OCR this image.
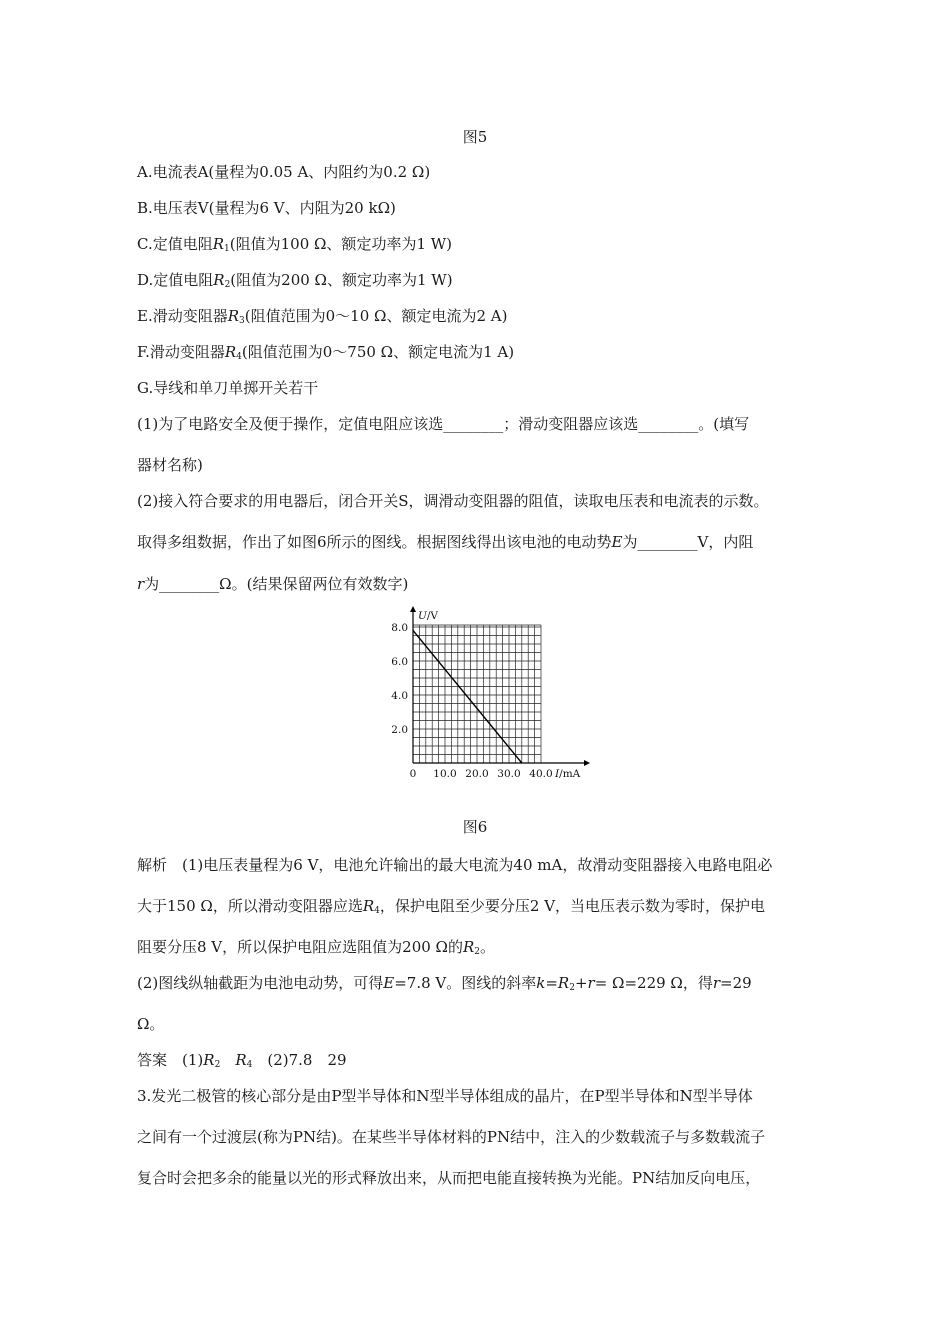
图5
A.电流表A(量程为0.05 A、内阻约为0.2 Ω)
B.电压表V(量程为6 V、内阻为20 kΩ)
C.定值电阻$R_1$(阻值为100 Ω、额定功率为1 W)
D.定值电阻$R_2$(阻值为200 Ω、额定功率为1 W)
E.滑动变阻器$R_3$(阻值范围为0～10 Ω、额定电流为2 A)
F.滑动变阻器$R_4$(阻值范围为0～750 Ω、额定电流为1 A)
G.导线和单刀单掷开关若干
(1)为了电路安全及便于操作，定值电阻应该选________；滑动变阻器应该选________。(填写
器材名称)
(2)接入符合要求的用电器后，闭合开关S，调滑动变阻器的阻值，读取电压表和电流表的示数。
取得多组数据，作出了如图6所示的图线。根据图线得出该电池的电动势E为________V，内阻
r为________Ω。(结果保留两位有效数字)
0 10.0 20.0 30.0 40.0
2.0
4.0
6.0
8.0
U/V
I/mA
图6
解析　 (1)电压表量程为6 V，电池允许输出的最大电流为40 mA，故滑动变阻器接入电路电阻必
大于150 Ω，所以滑动变阻器应选$R_4$，保护电阻至少要分压2 V，当电压表示数为零时，保护电
阻要分压8 V，所以保护电阻应选阻值为200 Ω的$R_2$。
(2)图线纵轴截距为电池电动势，可得E=7.8 V。图线的斜率$k=R_2+r= \Omega=229$ Ω，得r=29
Ω。
答案　 $(1)R_2$　 $R_4$　 (2)7.8　29
3.发光二极管的核心部分是由P型半导体和N型半导体组成的晶片，在P型半导体和N型半导体
之间有一个过渡层(称为PN结)。在某些半导体材料的PN结中，注入的少数载流子与多数载流子
复合时会把多余的能量以光的形式释放出来，从而把电能直接转换为光能。PN结加反向电压，
